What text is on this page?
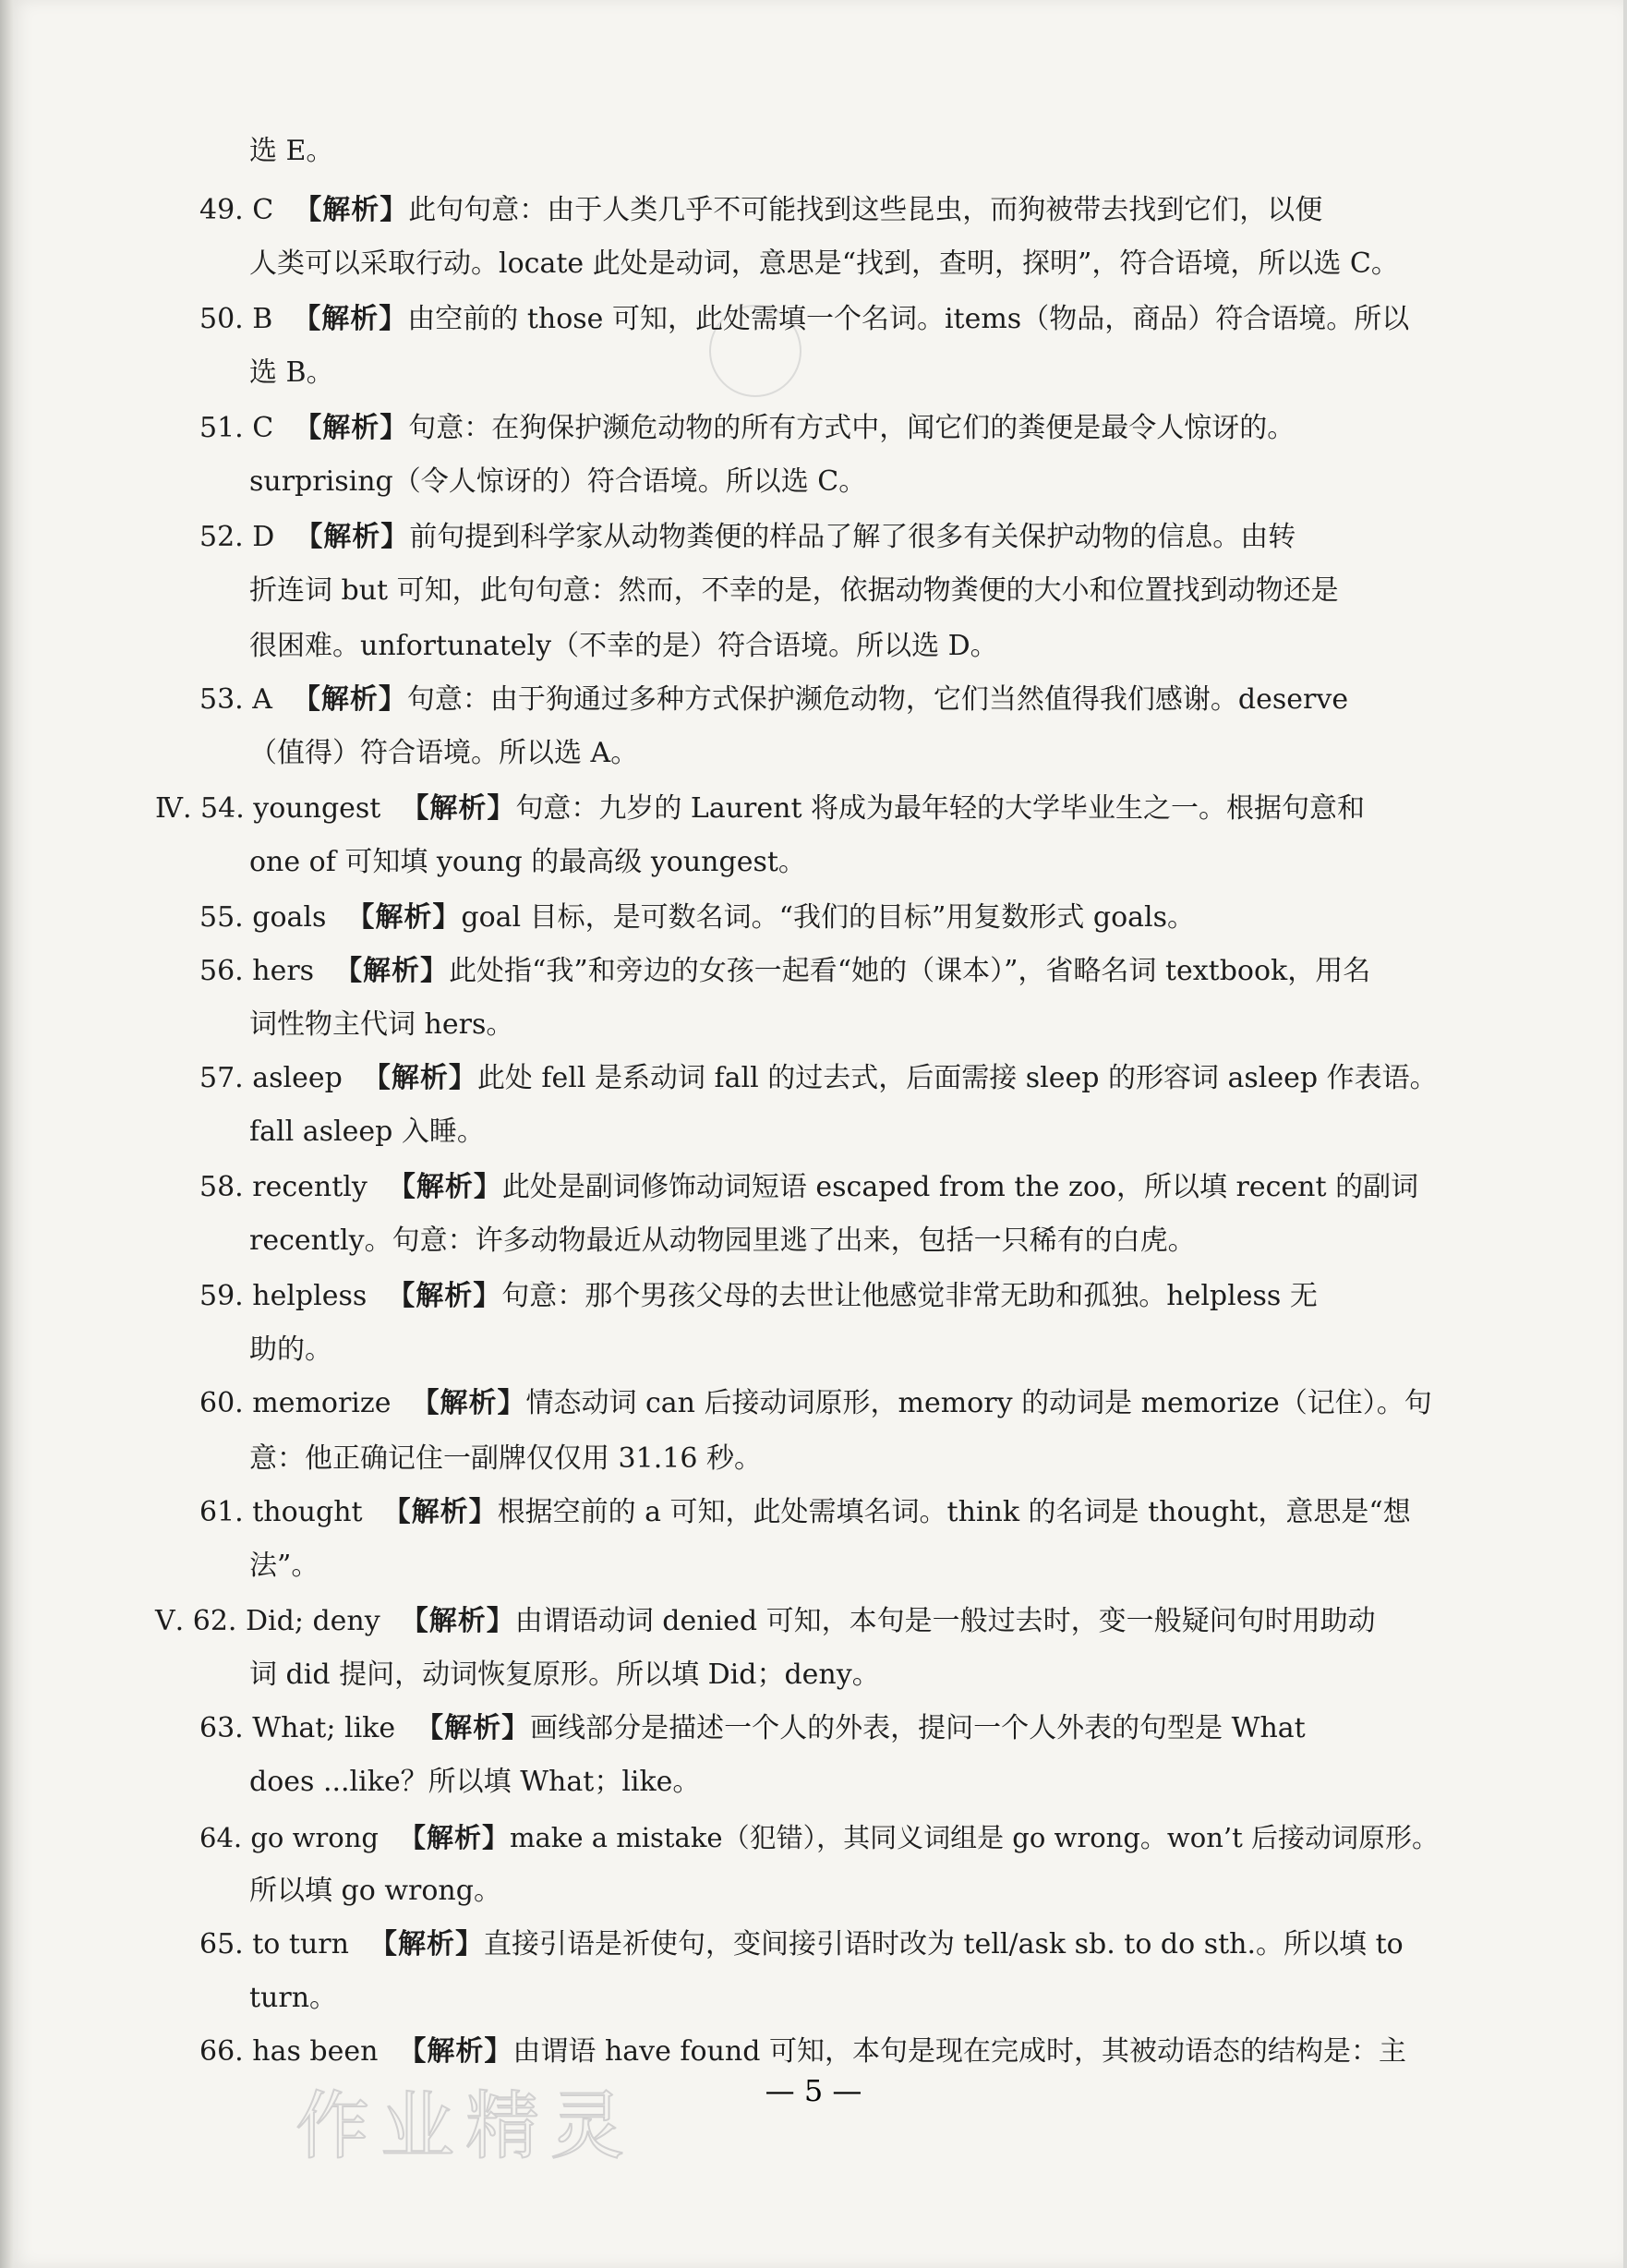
选 E。
49. C【解析】此句句意：由于人类几乎不可能找到这些昆虫，而狗被带去找到它们，以便
人类可以采取行动。locate 此处是动词，意思是“找到，查明，探明”，符合语境，所以选 C。
50. B【解析】由空前的 those 可知，此处需填一个名词。items（物品，商品）符合语境。所以
选 B。
51. C【解析】句意：在狗保护濒危动物的所有方式中，闻它们的粪便是最令人惊讶的。
surprising（令人惊讶的）符合语境。所以选 C。
52. D【解析】前句提到科学家从动物粪便的样品了解了很多有关保护动物的信息。由转
折连词 but 可知，此句句意：然而，不幸的是，依据动物粪便的大小和位置找到动物还是
很困难。unfortunately（不幸的是）符合语境。所以选 D。
53. A【解析】句意：由于狗通过多种方式保护濒危动物，它们当然值得我们感谢。deserve
（值得）符合语境。所以选 A。
Ⅳ. 54. youngest【解析】句意：九岁的 Laurent 将成为最年轻的大学毕业生之一。根据句意和
one of 可知填 young 的最高级 youngest。
55. goals【解析】goal 目标，是可数名词。“我们的目标”用复数形式 goals。
56. hers【解析】此处指“我”和旁边的女孩一起看“她的（课本）”，省略名词 textbook，用名
词性物主代词 hers。
57. asleep【解析】此处 fell 是系动词 fall 的过去式，后面需接 sleep 的形容词 asleep 作表语。
fall asleep 入睡。
58. recently【解析】此处是副词修饰动词短语 escaped from the zoo，所以填 recent 的副词
recently。句意：许多动物最近从动物园里逃了出来，包括一只稀有的白虎。
59. helpless【解析】句意：那个男孩父母的去世让他感觉非常无助和孤独。helpless 无
助的。
60. memorize【解析】情态动词 can 后接动词原形，memory 的动词是 memorize（记住）。句
意：他正确记住一副牌仅仅用 31.16 秒。
61. thought【解析】根据空前的 a 可知，此处需填名词。think 的名词是 thought，意思是“想
法”。
Ⅴ. 62. Did; deny【解析】由谓语动词 denied 可知，本句是一般过去时，变一般疑问句时用助动
词 did 提问，动词恢复原形。所以填 Did；deny。
63. What; like【解析】画线部分是描述一个人的外表，提问一个人外表的句型是 What
does ...like？所以填 What；like。
64. go wrong【解析】make a mistake（犯错），其同义词组是 go wrong。won’t 后接动词原形。
所以填 go wrong。
65. to turn【解析】直接引语是祈使句，变间接引语时改为 tell/ask sb. to do sth.。所以填 to
turn。
66. has been【解析】由谓语 have found 可知，本句是现在完成时，其被动语态的结构是：主
作业精灵	— 5 —
